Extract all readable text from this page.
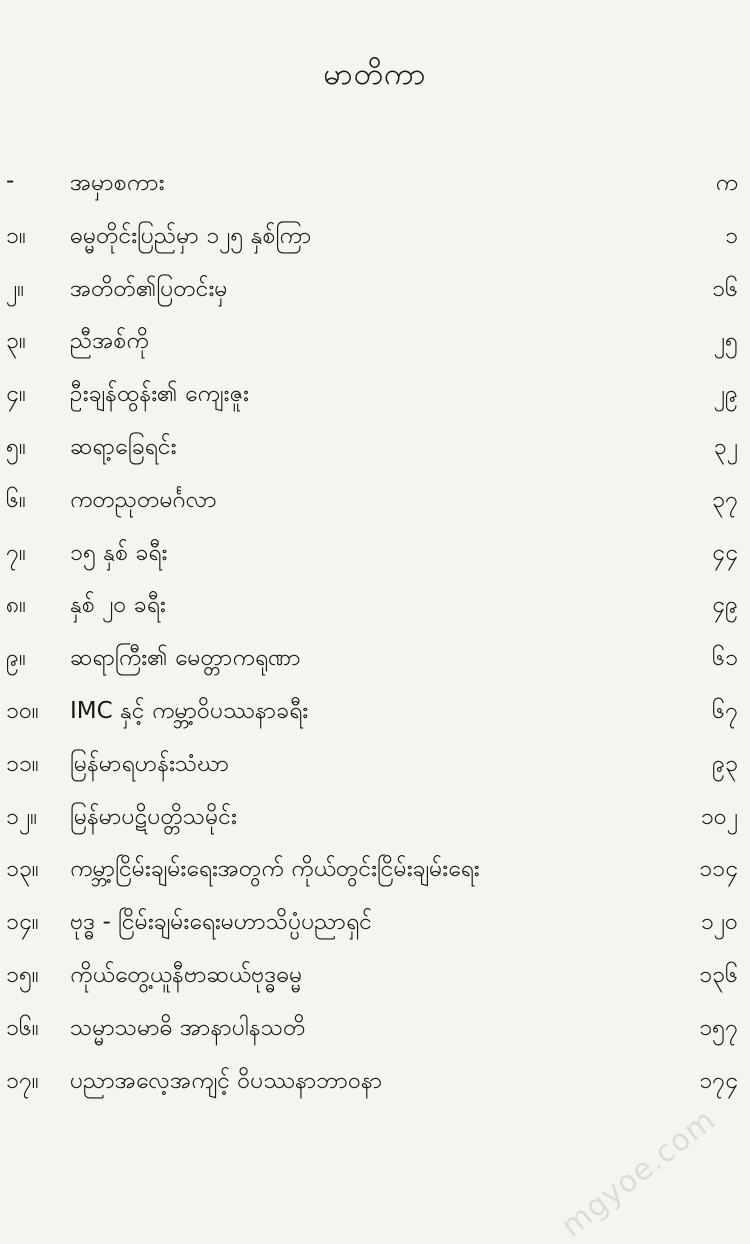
မာတိကာ
- အမှာစကား	က
၁။ ဓမ္မတိုင်းပြည်မှာ ၁၂၅ နှစ်ကြာ	၁
၂။ အတိတ်၏ပြတင်းမှ	၁၆
၃။ ညီအစ်ကို	၂၅
၄။ ဦးချန်ထွန်း၏ ကျေးဇူး	၂၉
၅။ ဆရာ့ခြေရင်း	၃၂
၆။ ကတညုတမင်္ဂလာ	၃၇
၇။ ၁၅ နှစ် ခရီး	၄၄
၈။ နှစ် ၂၀ ခရီး	၄၉
၉။ ဆရာကြီး၏ မေတ္တာကရုဏာ	၆၁
၁၀။ IMC နှင့် ကမ္ဘာ့ဝိပဿနာခရီး	၆၇
၁၁။ မြန်မာရဟန်းသံဃာ	၉၃
၁၂။ မြန်မာပဋိပတ္တိသမိုင်း	၁၀၂
၁၃။ ကမ္ဘာ့ငြိမ်းချမ်းရေးအတွက် ကိုယ်တွင်းငြိမ်းချမ်းရေး	၁၁၄
၁၄။ ဗုဒ္ဓ - ငြိမ်းချမ်းရေးမဟာသိပ္ပံပညာရှင်	၁၂၀
၁၅။ ကိုယ်တွေ့ယူနီဗာဆယ်ဗုဒ္ဓဓမ္မ	၁၃၆
၁၆။ သမ္မာသမာဓိ အာနာပါနသတိ	၁၅၇
၁၇။ ပညာအလေ့အကျင့် ဝိပဿနာဘာဝနာ	၁၇၄
mgyoe.com
